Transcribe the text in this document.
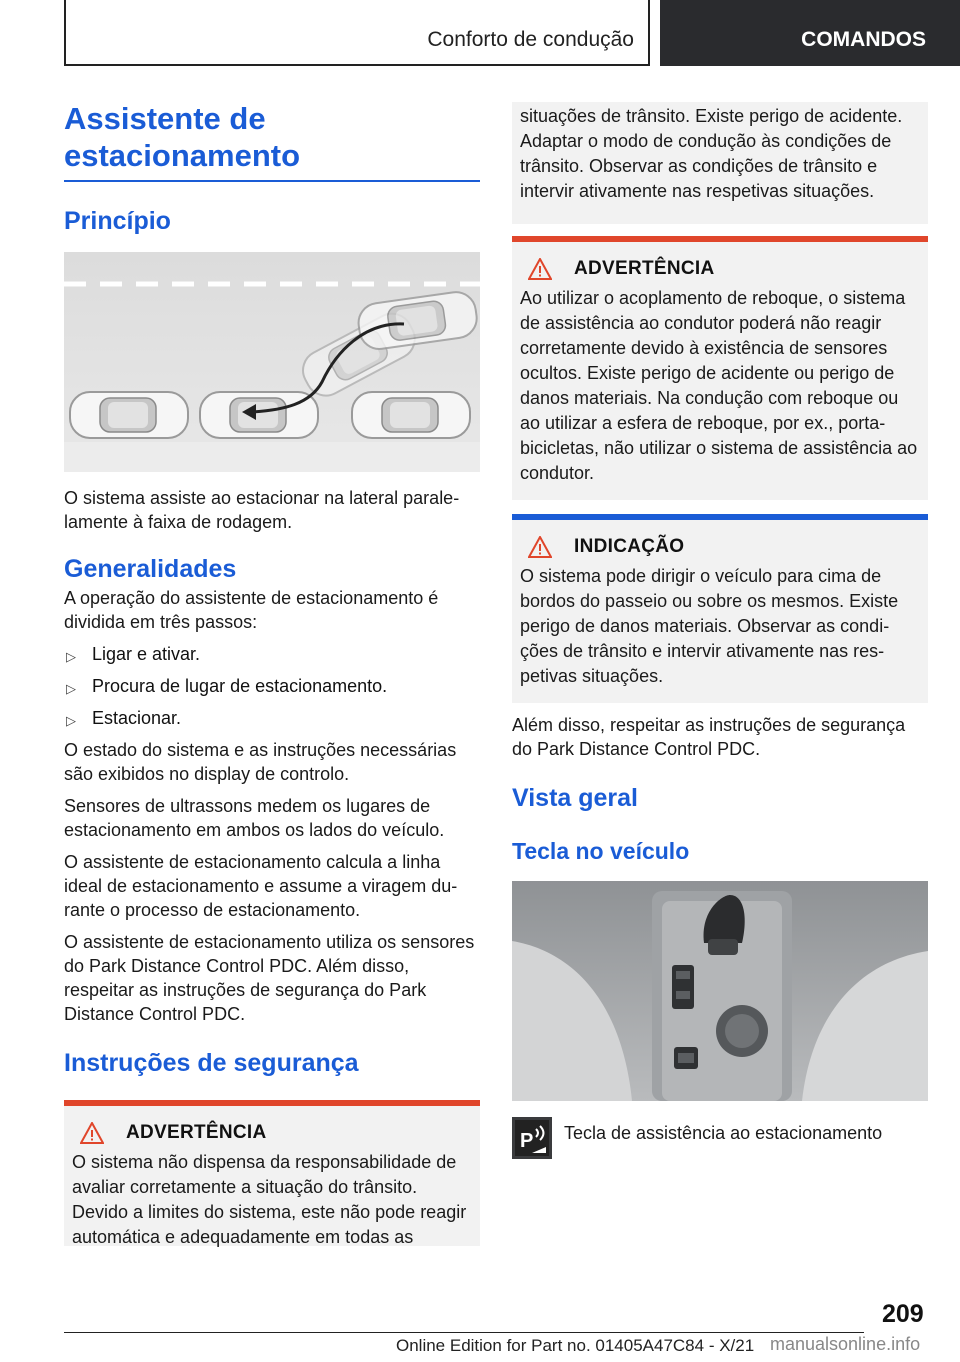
Conforto de condução	COMANDOS
Assistente de estacionamento
Princípio

O sistema assiste ao estacionar na lateral paralelamente à faixa de rodagem.

Generalidades

A operação do assistente de estacionamento é dividida em três passos:

▷ Ligar e ativar.
▷ Procura de lugar de estacionamento.
▷ Estacionar.

O estado do sistema e as instruções necessárias são exibidos no display de controlo.

Sensores de ultrassons medem os lugares de estacionamento em ambos os lados do veículo.

O assistente de estacionamento calcula a linha ideal de estacionamento e assume a viragem durante o processo de estacionamento.

O assistente de estacionamento utiliza os sensores do Park Distance Control PDC. Além disso, respeitar as instruções de segurança do Park Distance Control PDC.

Instruções de segurança
ADVERTÊNCIA

O sistema não dispensa da responsabilidade de avaliar corretamente a situação do trânsito. Devido a limites do sistema, este não pode reagir automática e adequadamente em todas as

situações de trânsito. Existe perigo de acidente. Adaptar o modo de condução às condições de trânsito. Observar as condições de trânsito e intervir ativamente nas respetivas situações.

ADVERTÊNCIA

Ao utilizar o acoplamento de reboque, o sistema de assistência ao condutor poderá não reagir corretamente devido à existência de sensores ocultos. Existe perigo de acidente ou perigo de danos materiais. Na condução com reboque ou ao utilizar a esfera de reboque, por ex., porta-bicicletas, não utilizar o sistema de assistência ao condutor.

INDICAÇÃO

O sistema pode dirigir o veículo para cima de bordos do passeio ou sobre os mesmos. Existe perigo de danos materiais. Observar as condições de trânsito e intervir ativamente nas respetivas situações.

Além disso, respeitar as instruções de segurança do Park Distance Control PDC.

Vista geral
Tecla no veículo
P Tecla de assistência ao estacionamento

209
Online Edition for Part no. 01405A47C84 - X/21 manualsonline.info
